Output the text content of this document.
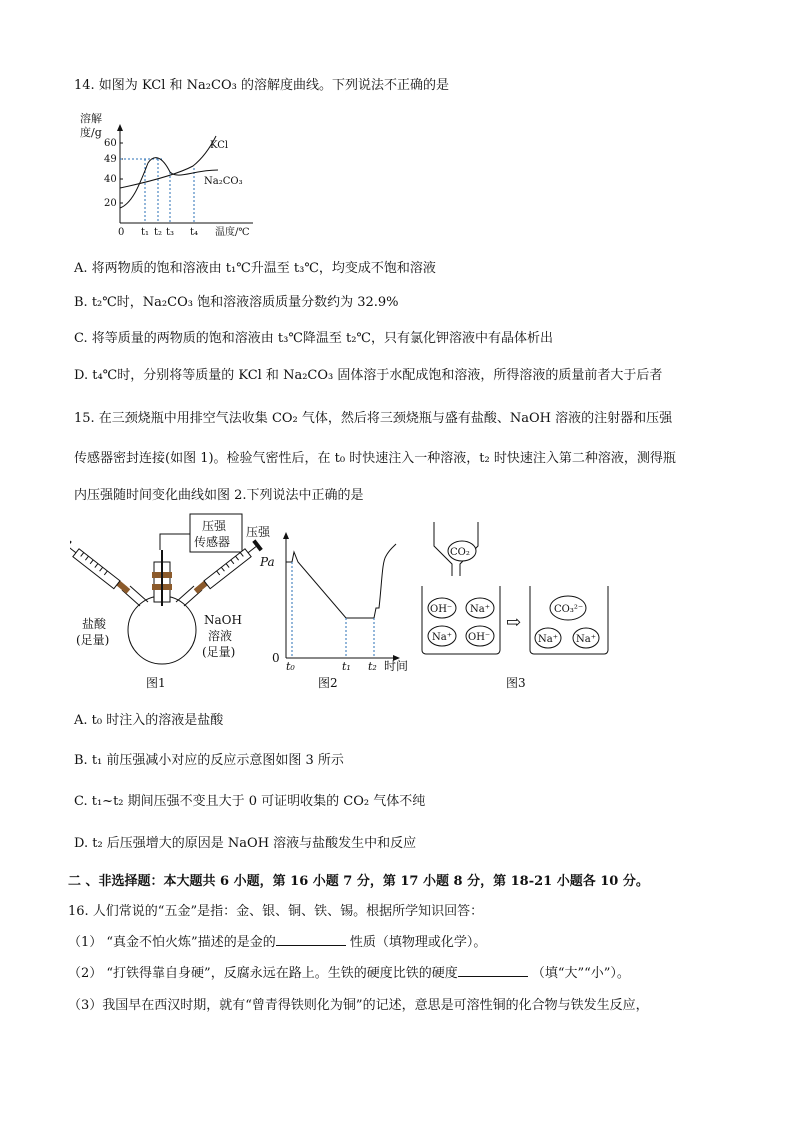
14. 如图为 KCl 和 Na₂CO₃ 的溶解度曲线。下列说法不正确的是
溶解
度/g
60
49
40
20
KCl
Na₂CO₃
0 t₁ t₂ t₃ t₄ 温度/℃
A. 将两物质的饱和溶液由 t₁℃升温至 t₃℃，均变成不饱和溶液
B. t₂℃时，Na₂CO₃ 饱和溶液溶质质量分数约为 32.9%
C. 将等质量的两物质的饱和溶液由 t₃℃降温至 t₂℃，只有氯化钾溶液中有晶体析出
D. t₄℃时，分别将等质量的 KCl 和 Na₂CO₃ 固体溶于水配成饱和溶液，所得溶液的质量前者大于后者
15. 在三颈烧瓶中用排空气法收集 CO₂ 气体，然后将三颈烧瓶与盛有盐酸、NaOH 溶液的注射器和压强
传感器密封连接(如图 1)。检验气密性后，在 t₀ 时快速注入一种溶液，t₂ 时快速注入第二种溶液，测得瓶
内压强随时间变化曲线如图 2.下列说法中正确的是
压强
传感器
盐酸
(足量)
NaOH
溶液
(足量)
图1
压强
Pa
0
t₀	t₁ t₂ 时间
图2
CO₂
OH⁻ Na⁺
Na⁺ OH⁻
⇨
CO₃²⁻
Na⁺ Na⁺
图3
A. t₀ 时注入的溶液是盐酸
B. t₁ 前压强减小对应的反应示意图如图 3 所示
C. t₁~t₂ 期间压强不变且大于 0 可证明收集的 CO₂ 气体不纯
D. t₂ 后压强增大的原因是 NaOH 溶液与盐酸发生中和反应
二 、非选择题：本大题共 6 小题，第 16 小题 7 分，第 17 小题 8 分，第 18-21 小题各 10 分。
16. 人们常说的“五金”是指：金、银、铜、铁、锡。根据所学知识回答：
（1） “真金不怕火炼”描述的是金的	性质（填物理或化学）。
（2） “打铁得靠自身硬”，反腐永远在路上。生铁的硬度比铁的硬度	（填“大”“小”）。
（3）我国早在西汉时期，就有“曾青得铁则化为铜”的记述，意思是可溶性铜的化合物与铁发生反应，
